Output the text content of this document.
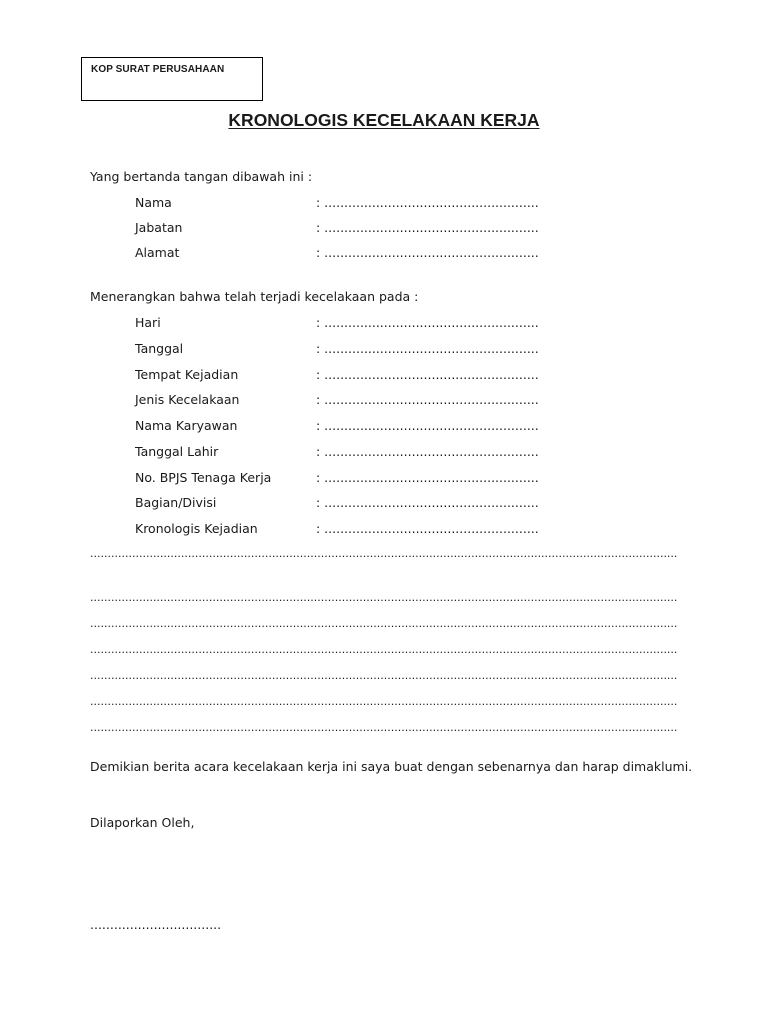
KOP SURAT PERUSAHAAN
KRONOLOGIS KECELAKAAN KERJA
Yang bertanda tangan dibawah ini :
Nama	: ......................................................
Jabatan	: ......................................................
Alamat	: ......................................................
Menerangkan bahwa telah terjadi kecelakaan pada :
Hari	: ......................................................
Tanggal	: ......................................................
Tempat Kejadian	: ......................................................
Jenis Kecelakaan	: ......................................................
Nama Karyawan	: ......................................................
Tanggal Lahir	: ......................................................
No. BPJS Tenaga Kerja	: ......................................................
Bagian/Divisi	: ......................................................
Kronologis Kejadian	: ......................................................
........................................................................................................................................................................
........................................................................................................................................................................
........................................................................................................................................................................
........................................................................................................................................................................
........................................................................................................................................................................
........................................................................................................................................................................
........................................................................................................................................................................
Demikian berita acara kecelakaan kerja ini saya buat dengan sebenarnya dan harap dimaklumi.
Dilaporkan Oleh,
.................................
